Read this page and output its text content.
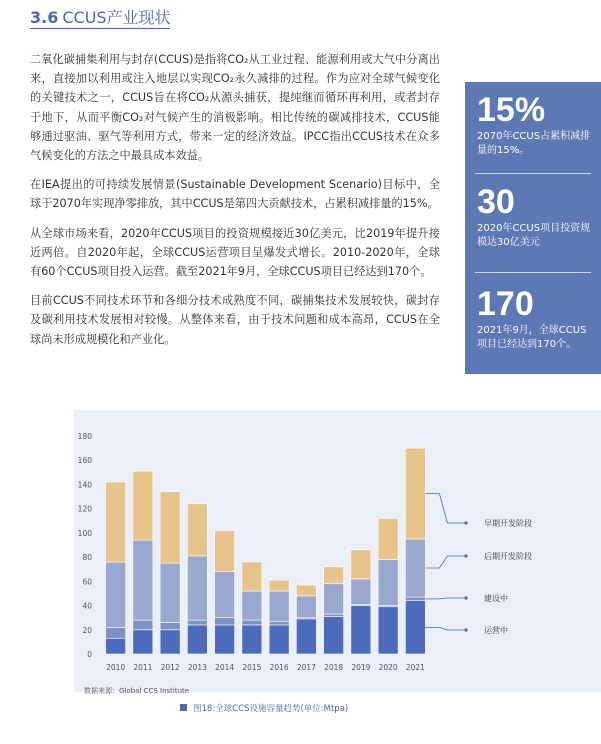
3.6 CCUS产业现状

二氧化碳捕集利用与封存(CCUS)是指将CO₂从工业过程、能源利用或大气中分离出来，直接加以利用或注入地层以实现CO₂永久减排的过程。作为应对全球气候变化的关键技术之一，CCUS旨在将CO₂从源头捕获，提纯继而循环再利用，或者封存于地下，从而平衡CO₂对气候产生的消极影响。相比传统的碳减排技术，CCUS能够通过驱油、驱气等利用方式，带来一定的经济效益。IPCC指出CCUS技术在众多气候变化的方法之中最具成本效益。

在IEA提出的可持续发展情景(Sustainable Development Scenario)目标中，全球于2070年实现净零排放，其中CCUS是第四大贡献技术，占累积减排量的15%。

从全球市场来看，2020年CCUS项目的投资规模接近30亿美元，比2019年提升接近两倍。自2020年起，全球CCUS运营项目呈爆发式增长。2010-2020年，全球有60个CCUS项目投入运营。截至2021年9月，全球CCUS项目已经达到170个。

目前CCUS不同技术环节和各细分技术成熟度不同，碳捕集技术发展较快，碳封存及碳利用技术发展相对较慢。从整体来看，由于技术问题和成本高昂，CCUS在全球尚未形成规模化和产业化。

15%
2070年CCUS占累积减排量的15%。
30
2020年CCUS项目投资规模达30亿美元
170
2021年9月，全球CCUS项目已经达到170个。
0
20
40
60
80
100
120
140
160
180
2010 2011 2012 2013 2014 2015 2016 2017 2018 2019 2020 2021
运营中
建设中
后期开发阶段
早期开发阶段
数据来源：Global CCS Institute
图18:全球CCS设施容量趋势(单位:Mtpa)
